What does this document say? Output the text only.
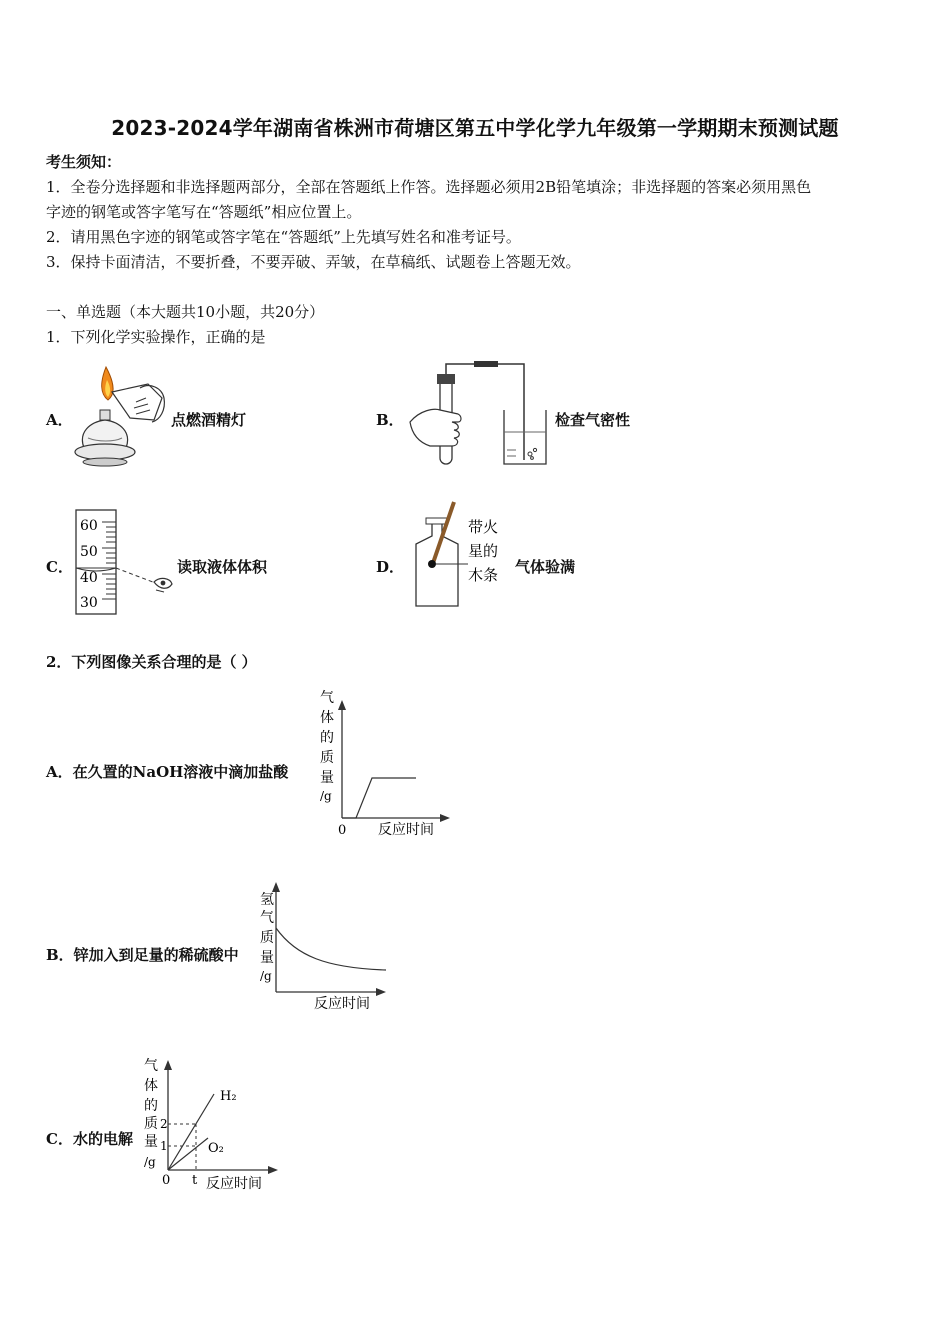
2023-2024学年湖南省株洲市荷塘区第五中学化学九年级第一学期期末预测试题
考生须知：
1．全卷分选择题和非选择题两部分，全部在答题纸上作答。选择题必须用2B铅笔填涂；非选择题的答案必须用黑色
字迹的钢笔或答字笔写在“答题纸”相应位置上。
2．请用黑色字迹的钢笔或答字笔在“答题纸”上先填写姓名和准考证号。
3．保持卡面清洁，不要折叠，不要弄破、弄皱，在草稿纸、试题卷上答题无效。
一、单选题（本大题共10小题，共20分）
1．下列化学实验操作，正确的是
A．	点燃酒精灯	B．	检查气密性
C．
60
50
40
30
读取液体体积	D．
带火
星的
木条 气体验满
2．下列图像关系合理的是（ ）
A．在久置的NaOH溶液中滴加盐酸
气
体
的
质
量
/g
0 反应时间
B．锌加入到足量的稀硫酸中
氢
气
质
量
/g
反应时间
C．水的电解
气
体
的
质
量
/g
2
1
H₂
O₂
0 t 反应时间
